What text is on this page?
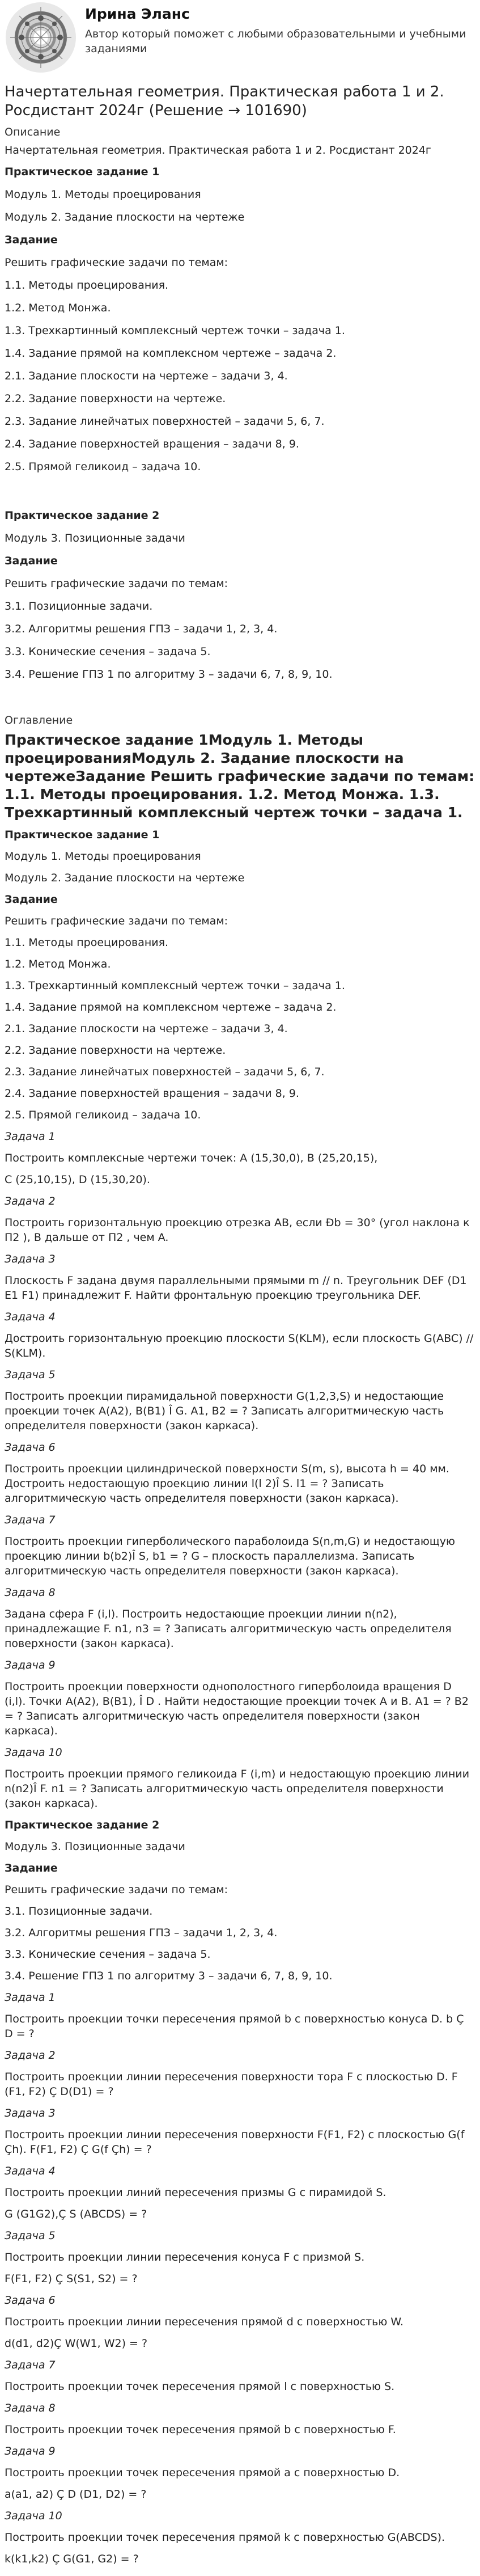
Ирина Эланс
Автор который поможет с любыми образовательными и учебными заданиями
Начертательная геометрия. Практическая работа 1 и 2. Росдистант 2024г (Решение → 101690)
Описание
Начертательная геометрия. Практическая работа 1 и 2. Росдистант 2024г

Практическое задание 1

Модуль 1. Методы проецирования

Модуль 2. Задание плоскости на чертеже

Задание

Решить графические задачи по темам:

1.1. Методы проецирования.

1.2. Метод Монжа.

1.3. Трехкартинный комплексный чертеж точки – задача 1.

1.4. Задание прямой на комплексном чертеже – задача 2.

2.1. Задание плоскости на чертеже – задачи 3, 4.

2.2. Задание поверхности на чертеже.

2.3. Задание линейчатых поверхностей – задачи 5, 6, 7.

2.4. Задание поверхностей вращения – задачи 8, 9.

2.5. Прямой геликоид – задача 10.

Практическое задание 2

Модуль 3. Позиционные задачи

Задание

Решить графические задачи по темам:

3.1. Позиционные задачи.

3.2. Алгоритмы решения ГПЗ – задачи 1, 2, 3, 4.

3.3. Конические сечения – задача 5.

3.4. Решение ГПЗ 1 по алгоритму 3 – задачи 6, 7, 8, 9, 10.

Оглавление
Практическое задание 1Модуль 1. Методы проецированияМодуль 2. Задание плоскости на чертежеЗадание Решить графические задачи по темам: 1.1. Методы проецирования. 1.2. Метод Монжа. 1.3. Трехкартинный комплексный чертеж точки – задача 1.

Практическое задание 1

Модуль 1. Методы проецирования

Модуль 2. Задание плоскости на чертеже

Задание

Решить графические задачи по темам:

1.1. Методы проецирования.

1.2. Метод Монжа.

1.3. Трехкартинный комплексный чертеж точки – задача 1.

1.4. Задание прямой на комплексном чертеже – задача 2.

2.1. Задание плоскости на чертеже – задачи 3, 4.

2.2. Задание поверхности на чертеже.

2.3. Задание линейчатых поверхностей – задачи 5, 6, 7.

2.4. Задание поверхностей вращения – задачи 8, 9.

2.5. Прямой геликоид – задача 10.

Задача 1

Построить комплексные чертежи точек: A (15,30,0), B (25,20,15),

C (25,10,15), D (15,30,20).

Задача 2

Построить горизонтальную проекцию отрезка AB, если Ðb = 30° (угол наклона к П2 ), B дальше от П2 , чем A.

Задача 3

Плоскость F задана двумя параллельными прямыми m // n. Треугольник DEF (D1 E1 F1) принадлежит F. Найти фронтальную проекцию треугольника DEF.

Задача 4

Достроить горизонтальную проекцию плоскости S(KLM), если плоскость G(ABC) // S(KLM).

Задача 5

Построить проекции пирамидальной поверхности G(1,2,3,S) и недостающие проекции точек A(A2), B(B1) Î G. A1, B2 = ? Записать алгоритмическую часть определителя поверхности (закон каркаса).

Задача 6

Построить проекции цилиндрической поверхности S(m, s), высота h = 40 мм. Достроить недостающую проекцию линии l(l 2)Î S. l1 = ? Записать алгоритмическую часть определителя поверхности (закон каркаса).

Задача 7

Построить проекции гиперболического параболоида S(n,m,G) и недостающую проекцию линии b(b2)Î S, b1 = ? G – плоскость параллелизма. Записать алгоритмическую часть определителя поверхности (закон каркаса).

Задача 8

Задана сфера F (i,l). Построить недостающие проекции линии n(n2), принадлежащие F. n1, n3 = ? Записать алгоритмическую часть определителя поверхности (закон каркаса).

Задача 9

Построить проекции поверхности однополостного гиперболоида вращения D (i,l). Точки A(A2), B(B1), Î D . Найти недостающие проекции точек A и B. A1 = ? B2 = ? Записать алгоритмическую часть определителя поверхности (закон каркаса).

Задача 10

Построить проекции прямого геликоида F (i,m) и недостающую проекцию линии n(n2)Î F. n1 = ? Записать алгоритмическую часть определителя поверхности (закон каркаса).

Практическое задание 2

Модуль 3. Позиционные задачи

Задание

Решить графические задачи по темам:

3.1. Позиционные задачи.

3.2. Алгоритмы решения ГПЗ – задачи 1, 2, 3, 4.

3.3. Конические сечения – задача 5.

3.4. Решение ГПЗ 1 по алгоритму 3 – задачи 6, 7, 8, 9, 10.

Задача 1

Построить проекции точки пересечения прямой b с поверхностью конуса D. b Ç D = ?

Задача 2

Построить проекции линии пересечения поверхности тора F с плоскостью D. F (F1, F2) Ç D(D1) = ?

Задача 3

Построить проекции линии пересечения поверхности F(F1, F2) с плоскостью G(f Çh). F(F1, F2) Ç G(f Çh) = ?

Задача 4

Построить проекции линий пересечения призмы G с пирамидой S.

G (G1G2),Ç S (ABCDS) = ?

Задача 5

Построить проекции линии пересечения конуса F с призмой S.

F(F1, F2) Ç S(S1, S2) = ?

Задача 6

Построить проекции линии пересечения прямой d с поверхностью W.

d(d1, d2)Ç W(W1, W2) = ?

Задача 7

Построить проекции точек пересечения прямой l с поверхностью S.

Задача 8

Построить проекции точек пересечения прямой b с поверхностью F.

Задача 9

Построить проекции точек пересечения прямой a с поверхностью D.

a(a1, a2) Ç D (D1, D2) = ?

Задача 10

Построить проекции точек пересечения прямой k с поверхностью G(ABCDS).

k(k1,k2) Ç G(G1, G2) = ?
